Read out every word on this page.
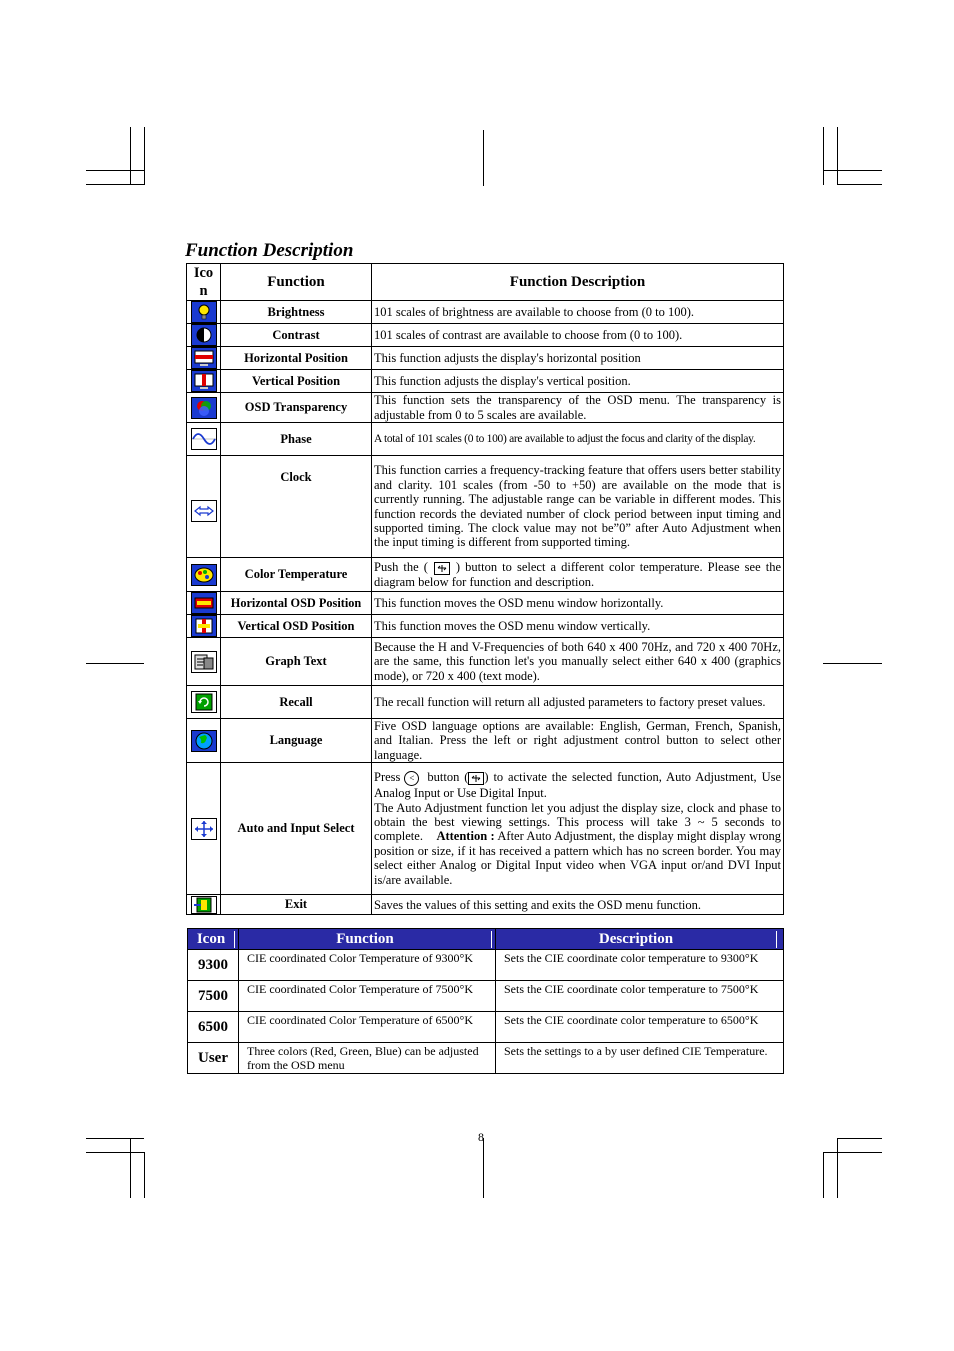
Function Description
Ico
n	Function	Function Description

	Brightness	101 scales of brightness are available to choose from (0 to 100).

	Contrast	101 scales of contrast are available to choose from (0 to 100).

	Horizontal Position	This function adjusts the display's horizontal position

	Vertical Position	This function adjusts the display's vertical position.

	OSD Transparency	This function sets the transparency of the OSD menu. The transparency is adjustable from 0 to 5 scales are available.

	Phase	A total of 101 scales (0 to 100) are available to adjust the focus and clarity of the display.

	Clock	This function carries a frequency-tracking feature that offers users better stability and clarity. 101 scales (from -50 to +50) are available on the mode that is currently running. The adjustable range can be variable in different modes. This function records the deviated number of clock period between input timing and supported timing. The clock value may not be”0” after Auto Adjustment when the input timing is different from supported timing.

	Color Temperature	Push the ( ) button to select a different color temperature. Please see the diagram below for function and description.

	Horizontal OSD Position	This function moves the OSD menu window horizontally.

	Vertical OSD Position	This function moves the OSD menu window vertically.

	Graph Text	Because the H and V-Frequencies of both 640 x 400 70Hz, and 720 x 400 70Hz, are the same, this function let's you manually select either 640 x 400 (graphics mode), or 720 x 400 (text mode).

	Recall	The recall function will return all adjusted parameters to factory preset values.

	Language	Five OSD language options are available: English, German, French, Spanish, and Italian. Press the left or right adjustment control button to select other language.

	Auto and Input Select	Press < button ( ) to activate the selected function, Auto Adjustment, Use Analog Input or Use Digital Input.
The Auto Adjustment function let you adjust the display size, clock and phase to obtain the best viewing settings. This process will take 3 ~ 5 seconds to complete. Attention : After Auto Adjustment, the display might display wrong position or size, if it has received a pattern which has no screen border. You may select either Analog or Digital Input video when VGA input or/and DVI Input is/are available.

	Exit	Saves the values of this setting and exits the OSD menu function.
Icon	Function	Description

9300	CIE coordinated Color Temperature of 9300°K	Sets the CIE coordinate color temperature to 9300°K
7500	CIE coordinated Color Temperature of 7500°K	Sets the CIE coordinate color temperature to 7500°K
6500	CIE coordinated Color Temperature of 6500°K	Sets the CIE coordinate color temperature to 6500°K
User	Three colors (Red, Green, Blue) can be adjusted from the OSD menu	Sets the settings to a by user defined CIE Temperature.
8
